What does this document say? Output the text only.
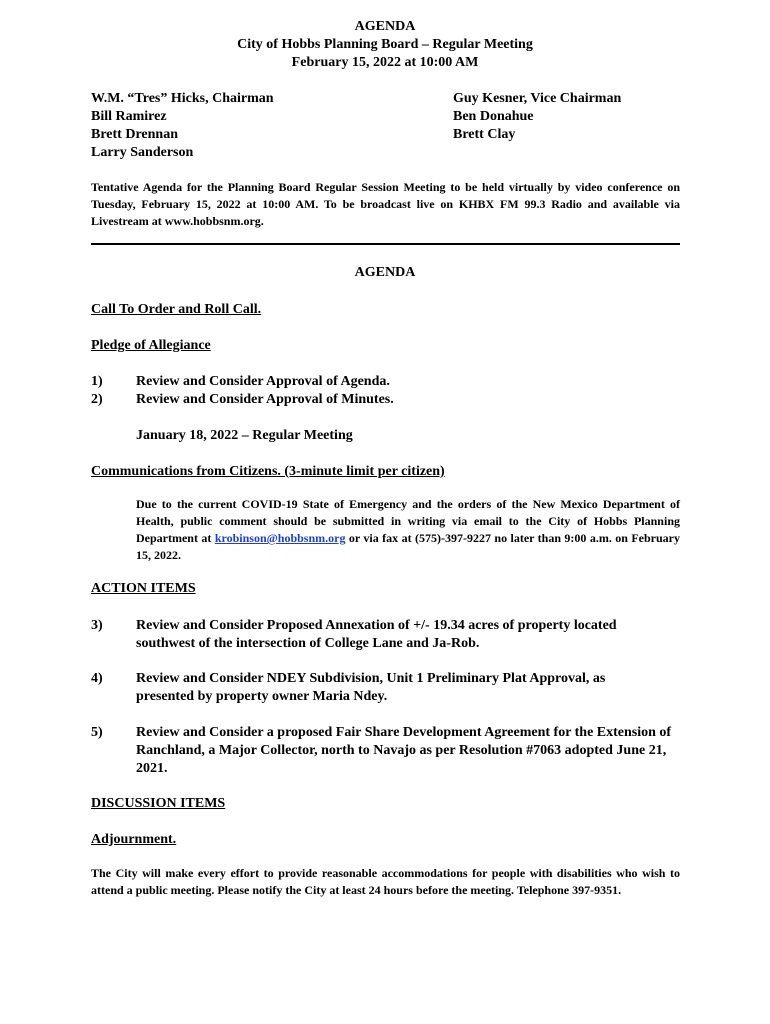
AGENDA
City of Hobbs Planning Board – Regular Meeting
February 15, 2022 at 10:00 AM
W.M. “Tres” Hicks, Chairman
Bill Ramirez
Brett Drennan
Larry Sanderson
Guy Kesner, Vice Chairman
Ben Donahue
Brett Clay
Tentative Agenda for the Planning Board Regular Session Meeting to be held virtually by video conference on Tuesday, February 15, 2022 at 10:00 AM. To be broadcast live on KHBX FM 99.3 Radio and available via Livestream at www.hobbsnm.org.
AGENDA
Call To Order and Roll Call.
Pledge of Allegiance
1) Review and Consider Approval of Agenda.
2) Review and Consider Approval of Minutes.
January 18, 2022 – Regular Meeting
Communications from Citizens. (3-minute limit per citizen)
Due to the current COVID-19 State of Emergency and the orders of the New Mexico Department of Health, public comment should be submitted in writing via email to the City of Hobbs Planning Department at krobinson@hobbsnm.org or via fax at (575)-397-9227 no later than 9:00 a.m. on February 15, 2022.
ACTION ITEMS
3) Review and Consider Proposed Annexation of +/- 19.34 acres of property located southwest of the intersection of College Lane and Ja-Rob.
4) Review and Consider NDEY Subdivision, Unit 1 Preliminary Plat Approval, as presented by property owner Maria Ndey.
5) Review and Consider a proposed Fair Share Development Agreement for the Extension of Ranchland, a Major Collector, north to Navajo as per Resolution #7063 adopted June 21, 2021.
DISCUSSION ITEMS
Adjournment.
The City will make every effort to provide reasonable accommodations for people with disabilities who wish to attend a public meeting. Please notify the City at least 24 hours before the meeting. Telephone 397-9351.
